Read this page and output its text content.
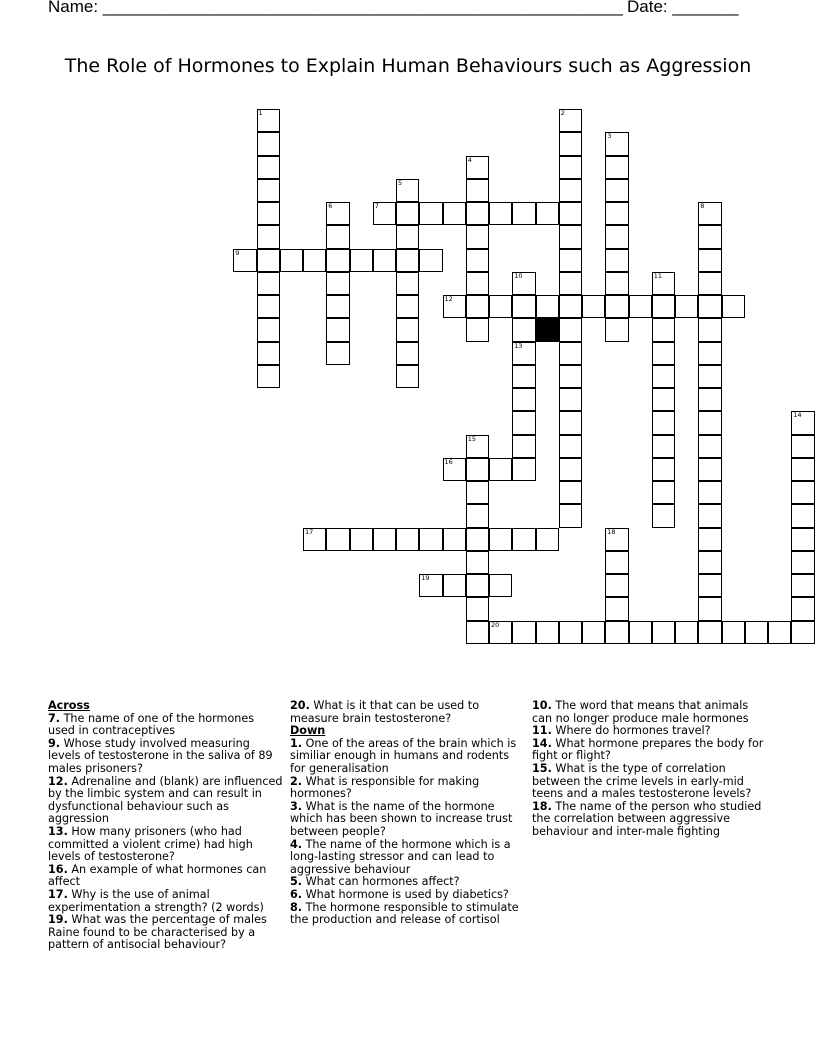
Name: _______________________________________________________ Date: _______
The Role of Hormones to Explain Human Behaviours such as Aggression
1	2
3
4
5
6	7	8
9
10	11
12
13
14
15
16
17	18
19
20
Across
7. The name of one of the hormones used in contraceptives
9. Whose study involved measuring levels of testosterone in the saliva of 89 males prisoners?
12. Adrenaline and (blank) are influenced by the limbic system and can result in dysfunctional behaviour such as aggression
13. How many prisoners (who had committed a violent crime) had high levels of testosterone?
16. An example of what hormones can affect
17. Why is the use of animal experimentation a strength? (2 words)
19. What was the percentage of males Raine found to be characterised by a pattern of antisocial behaviour?
20. What is it that can be used to measure brain testosterone?
Down
1. One of the areas of the brain which is similiar enough in humans and rodents for generalisation
2. What is responsible for making hormones?
3. What is the name of the hormone which has been shown to increase trust between people?
4. The name of the hormone which is a long-lasting stressor and can lead to aggressive behaviour
5. What can hormones affect?
6. What hormone is used by diabetics?
8. The hormone responsible to stimulate the production and release of cortisol
10. The word that means that animals can no longer produce male hormones
11. Where do hormones travel?
14. What hormone prepares the body for fight or flight?
15. What is the type of correlation between the crime levels in early-mid teens and a males testosterone levels?
18. The name of the person who studied the correlation between aggressive behaviour and inter-male fighting
